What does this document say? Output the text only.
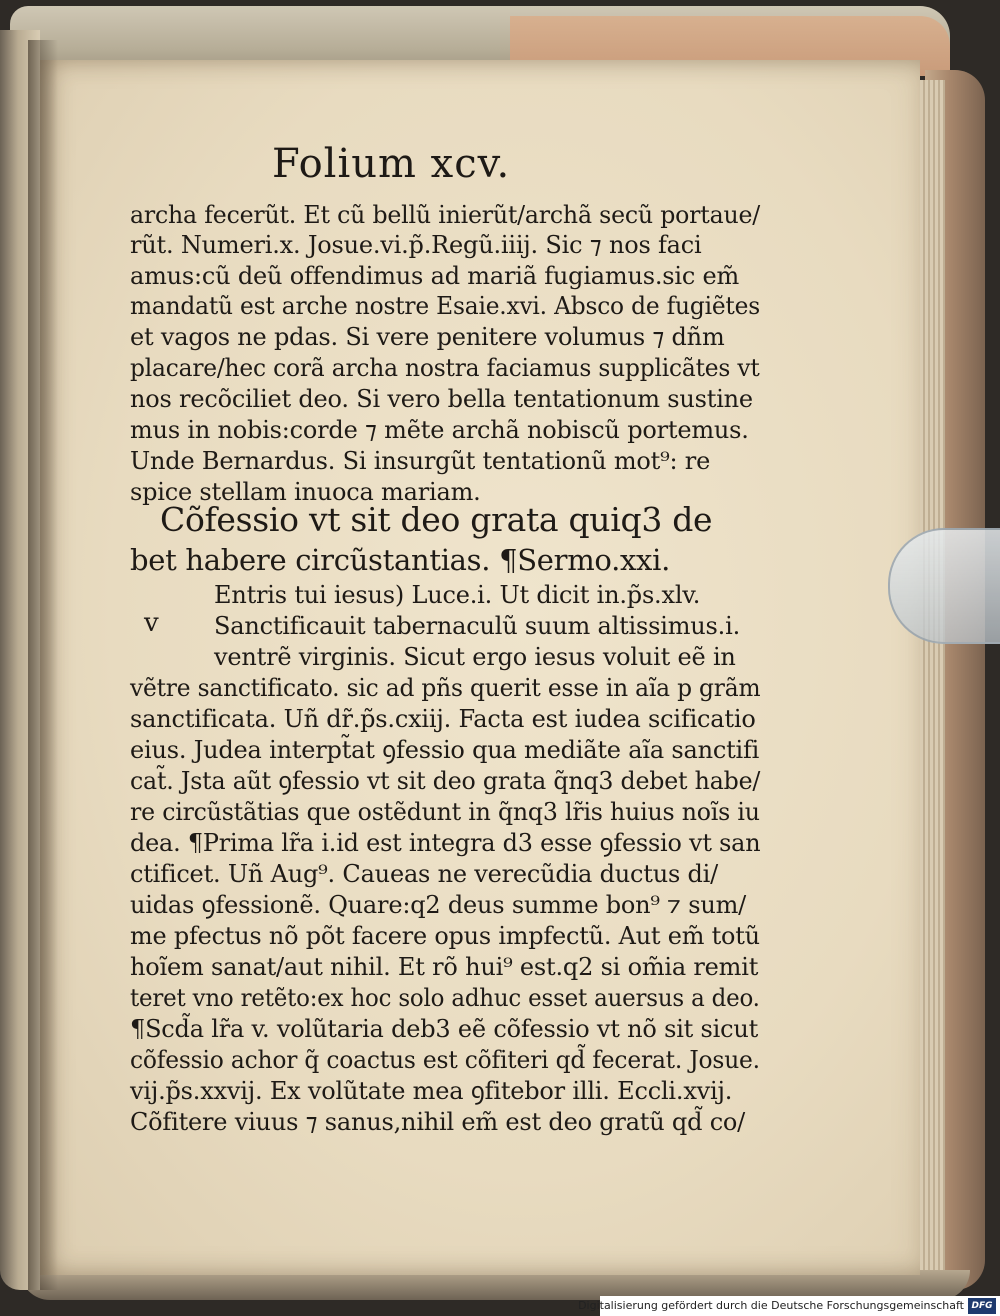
Folium xcv.
archa fecerũt. Et cũ bellũ inierũt/archã secũ portaue/
rũt. Numeri.x. Josue.vi.p̃.Regũ.iiij. Sic ⁊ nos faci
amus:cũ deũ offendimus ad mariã fugiamus.sic em̃
mandatũ est arche nostre Esaie.xvi. Absco de fugiẽtes
et vagos ne pdas. Si vere penitere volumus ⁊ dñm
placare/hec corã archa nostra faciamus supplicãtes vt
nos recõciliet deo. Si vero bella tentationum sustine
mus in nobis:corde ⁊ mẽte archã nobiscũ portemus.
Unde Bernardus. Si insurgũt tentationũ mot⁹: re
spice stellam inuoca mariam.
Cõfessio vt sit deo grata quiq3 de
bet habere circũstantias. ¶Sermo.xxi.
v
Entris tui iesus) Luce.i. Ut dicit in.p̃s.xlv.
Sanctificauit tabernaculũ suum altissimus.i.
ventrẽ virginis. Sicut ergo iesus voluit eẽ in
vẽtre sanctificato. sic ad pñs querit esse in aĩa p grãm
sanctificata. Uñ dr̃.p̃s.cxiij. Facta est iudea scificatio
eius. Judea interpt̃at ꝯfessio qua mediãte aĩa sanctifi
cat̃. Jsta aũt ꝯfessio vt sit deo grata q̃nq3 debet habe/
re circũstãtias que ostẽdunt in q̃nq3 lr̃is huius noĩs iu
dea. ¶Prima lr̃a i.id est integra d3 esse ꝯfessio vt san
ctificet. Uñ Aug⁹. Caueas ne verecũdia ductus di/
uidas ꝯfessionẽ. Quare:q2 deus summe bon⁹ ⁊ sum/
me pfectus nõ põt facere opus impfectũ. Aut em̃ totũ
hoĩem sanat/aut nihil. Et rõ hui⁹ est.q2 si om̃ia remit
teret vno retẽto:ex hoc solo adhuc esset auersus a deo.
¶Scd̃a lr̃a v. volũtaria deb3 eẽ cõfessio vt nõ sit sicut
cõfessio achor q̃ coactus est cõfiteri qd̃ fecerat. Josue.
vij.p̃s.xxvij. Ex volũtate mea ꝯfitebor illi. Eccli.xvij.
Cõfitere viuus ⁊ sanus,nihil em̃ est deo gratũ qd̃ co/
Digitalisierung gefördert durch die Deutsche Forschungsgemeinschaft DFG
